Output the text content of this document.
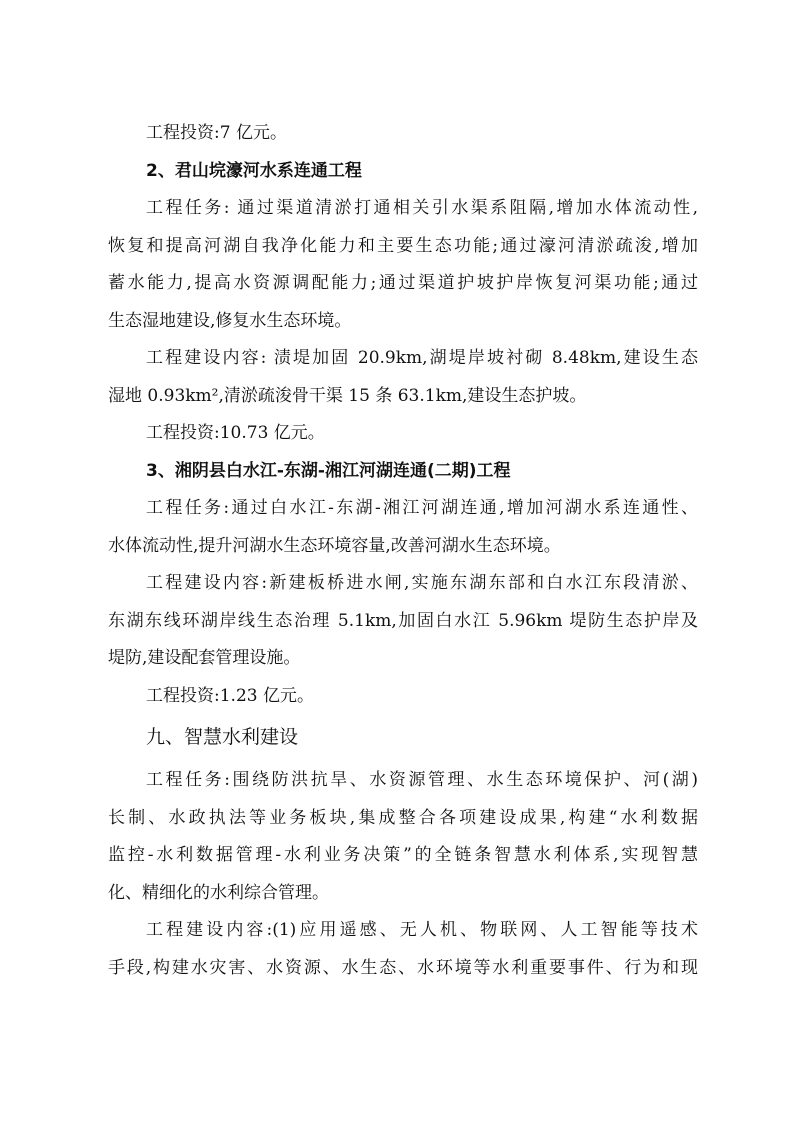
工程投资:7 亿元。
2、君山垸濠河水系连通工程
工程任务: 通过渠道清淤打通相关引水渠系阻隔,增加水体流动性,
恢复和提高河湖自我净化能力和主要生态功能;通过濠河清淤疏浚,增加
蓄水能力,提高水资源调配能力;通过渠道护坡护岸恢复河渠功能;通过
生态湿地建设,修复水生态环境。
工程建设内容: 渍堤加固 20.9km,湖堤岸坡衬砌 8.48km,建设生态
湿地 0.93km²,清淤疏浚骨干渠 15 条 63.1km,建设生态护坡。
工程投资:10.73 亿元。
3、湘阴县白水江-东湖-湘江河湖连通(二期)工程
工程任务:通过白水江-东湖-湘江河湖连通,增加河湖水系连通性、
水体流动性,提升河湖水生态环境容量,改善河湖水生态环境。
工程建设内容:新建板桥进水闸,实施东湖东部和白水江东段清淤、
东湖东线环湖岸线生态治理 5.1km,加固白水江 5.96km 堤防生态护岸及
堤防,建设配套管理设施。
工程投资:1.23 亿元。
九、智慧水利建设
工程任务:围绕防洪抗旱、水资源管理、水生态环境保护、河(湖)
长制、水政执法等业务板块,集成整合各项建设成果,构建“水利数据
监控-水利数据管理-水利业务决策”的全链条智慧水利体系,实现智慧
化、精细化的水利综合管理。
工程建设内容:(1)应用遥感、无人机、物联网、人工智能等技术
手段,构建水灾害、水资源、水生态、水环境等水利重要事件、行为和现
